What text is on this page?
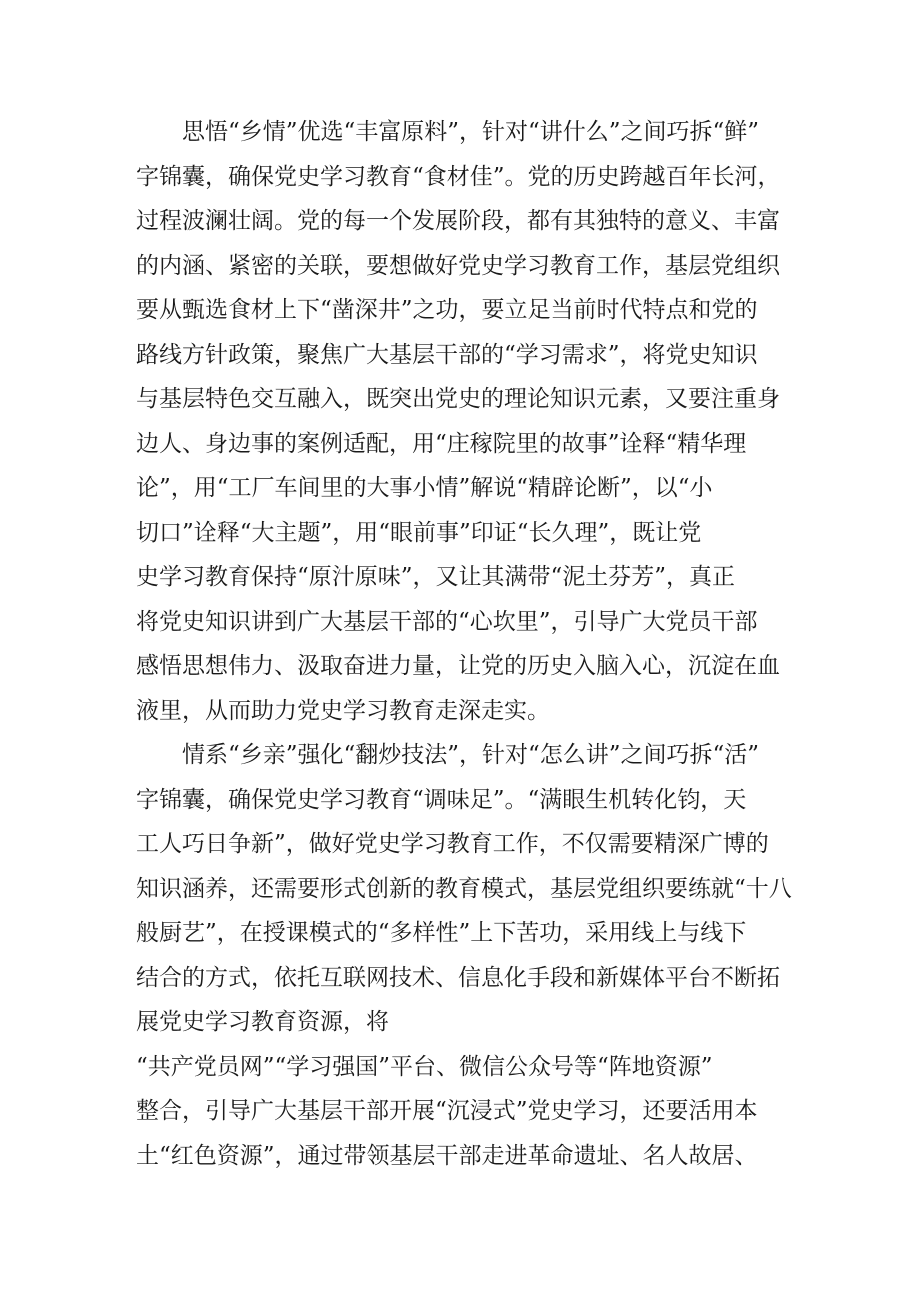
思悟“乡情”优选“丰富原料”，针对“讲什么”之间巧拆“鲜”
字锦囊，确保党史学习教育“食材佳”。党的历史跨越百年长河，
过程波澜壮阔。党的每一个发展阶段，都有其独特的意义、丰富
的内涵、紧密的关联，要想做好党史学习教育工作，基层党组织
要从甄选食材上下“凿深井”之功，要立足当前时代特点和党的
路线方针政策，聚焦广大基层干部的“学习需求”，将党史知识
与基层特色交互融入，既突出党史的理论知识元素，又要注重身
边人、身边事的案例适配，用“庄稼院里的故事”诠释“精华理
论”，用“工厂车间里的大事小情”解说“精辟论断”，以“小
切口”诠释“大主题”，用“眼前事”印证“长久理”，既让党
史学习教育保持“原汁原味”，又让其满带“泥土芬芳”，真正
将党史知识讲到广大基层干部的“心坎里”，引导广大党员干部
感悟思想伟力、汲取奋进力量，让党的历史入脑入心，沉淀在血
液里，从而助力党史学习教育走深走实。
情系“乡亲”强化“翻炒技法”，针对“怎么讲”之间巧拆“活”
字锦囊，确保党史学习教育“调味足”。“满眼生机转化钧，天
工人巧日争新”，做好党史学习教育工作，不仅需要精深广博的
知识涵养，还需要形式创新的教育模式，基层党组织要练就“十八
般厨艺”，在授课模式的“多样性”上下苦功，采用线上与线下
结合的方式，依托互联网技术、信息化手段和新媒体平台不断拓
展党史学习教育资源，将
“共产党员网”“学习强国”平台、微信公众号等“阵地资源”
整合，引导广大基层干部开展“沉浸式”党史学习，还要活用本
土“红色资源”，通过带领基层干部走进革命遗址、名人故居、
